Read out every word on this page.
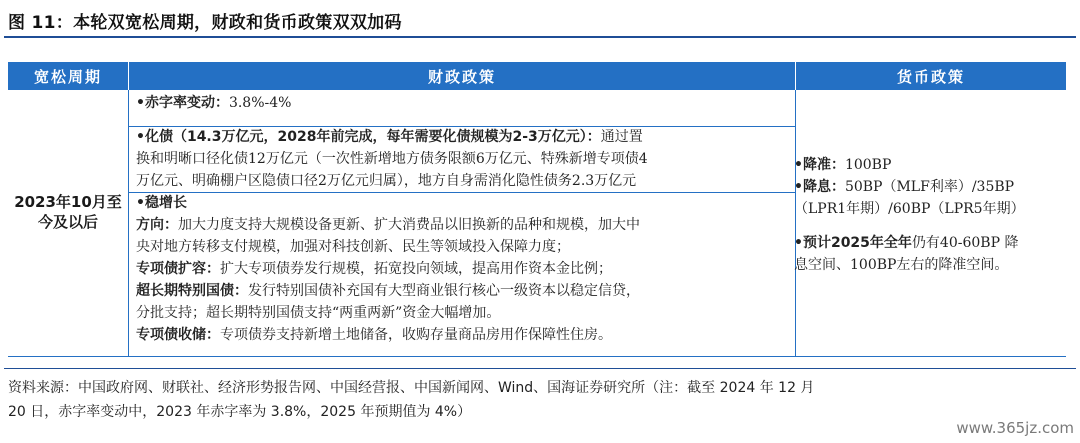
图 11：本轮双宽松周期，财政和货币政策双双加码
宽松周期	财政政策	货币政策
2023年10月至
今及以后
•赤字率变动：3.8%-4%
•化债（14.3万亿元，2028年前完成，每年需要化债规模为2-3万亿元）：通过置
换和明晰口径化债12万亿元（一次性新增地方债务限额6万亿元、特殊新增专项债4
万亿元、明确棚户区隐债口径2万亿元归属），地方自身需消化隐性债务2.3万亿元
•稳增长
方向：加大力度支持大规模设备更新、扩大消费品以旧换新的品种和规模，加大中
央对地方转移支付规模，加强对科技创新、民生等领域投入保障力度；
专项债扩容：扩大专项债券发行规模，拓宽投向领域，提高用作资本金比例；
超长期特别国债：发行特别国债补充国有大型商业银行核心一级资本以稳定信贷，
分批支持；超长期特别国债支持“两重两新”资金大幅增加。
专项债收储：专项债券支持新增土地储备，收购存量商品房用作保障性住房。
•降准：100BP
•降息：50BP（MLF利率）/35BP
（LPR1年期）/60BP（LPR5年期）
•预计2025年全年仍有40-60BP 降
息空间、100BP左右的降准空间。
资料来源：中国政府网、财联社、经济形势报告网、中国经营报、中国新闻网、Wind、国海证券研究所（注：截至 2024 年 12 月
20 日，赤字率变动中，2023 年赤字率为 3.8%，2025 年预期值为 4%）
www.365jz.com
